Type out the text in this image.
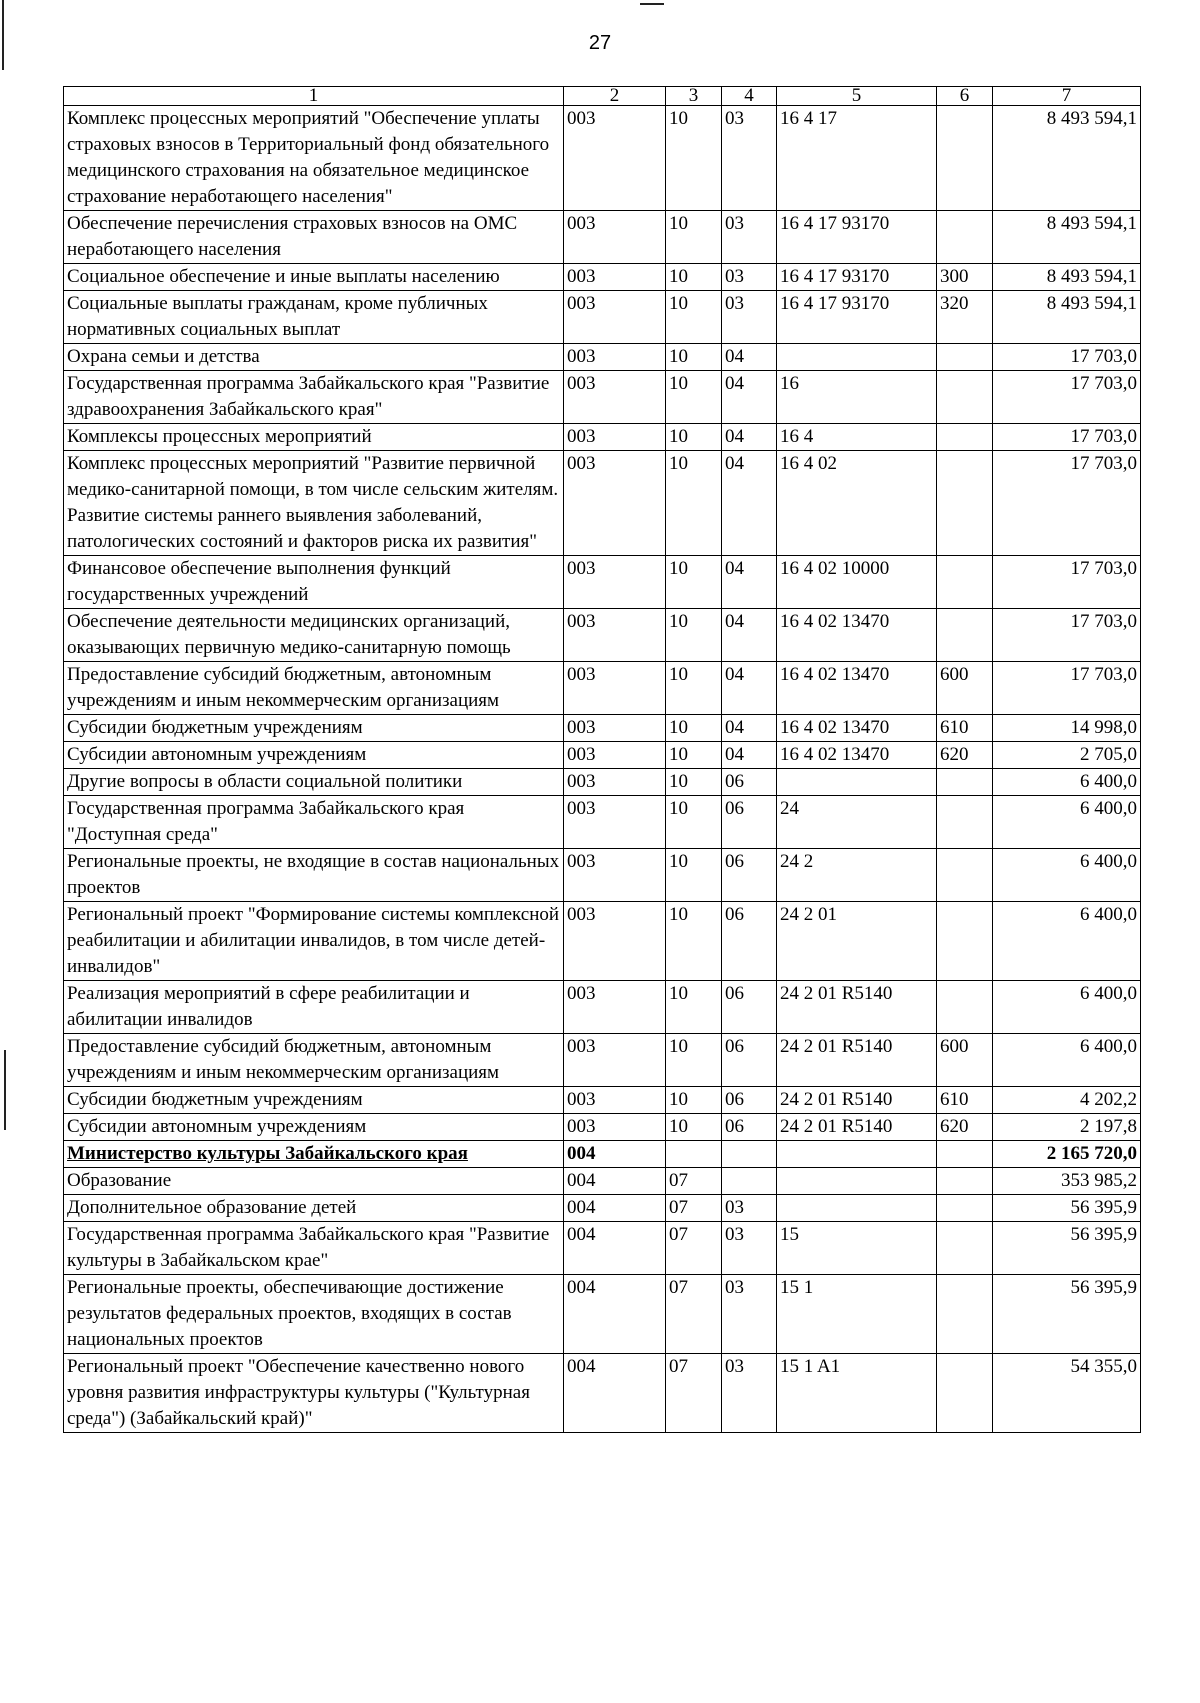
27
1	2	3	4	5	6	7
Комплекс процессных мероприятий "Обеспечение уплаты страховых взносов в Территориальный фонд обязательного медицинского страхования на обязательное медицинское страхование неработающего населения"	003	10	03	16 4 17		8 493 594,1
Обеспечение перечисления страховых взносов на ОМС неработающего населения	003	10	03	16 4 17 93170		8 493 594,1
Социальное обеспечение и иные выплаты населению	003	10	03	16 4 17 93170	300	8 493 594,1
Социальные выплаты гражданам, кроме публичных нормативных социальных выплат	003	10	03	16 4 17 93170	320	8 493 594,1
Охрана семьи и детства	003	10	04			17 703,0
Государственная программа Забайкальского края "Развитие здравоохранения Забайкальского края"	003	10	04	16		17 703,0
Комплексы процессных мероприятий	003	10	04	16 4		17 703,0
Комплекс процессных мероприятий "Развитие первичной медико-санитарной помощи, в том числе сельским жителям. Развитие системы раннего выявления заболеваний, патологических состояний и факторов риска их развития"	003	10	04	16 4 02		17 703,0
Финансовое обеспечение выполнения функций государственных учреждений	003	10	04	16 4 02 10000		17 703,0
Обеспечение деятельности медицинских организаций, оказывающих первичную медико-санитарную помощь	003	10	04	16 4 02 13470		17 703,0
Предоставление субсидий бюджетным, автономным учреждениям и иным некоммерческим организациям	003	10	04	16 4 02 13470	600	17 703,0
Субсидии бюджетным учреждениям	003	10	04	16 4 02 13470	610	14 998,0
Субсидии автономным учреждениям	003	10	04	16 4 02 13470	620	2 705,0
Другие вопросы в области социальной политики	003	10	06			6 400,0
Государственная программа Забайкальского края "Доступная среда"	003	10	06	24		6 400,0
Региональные проекты, не входящие в состав национальных проектов	003	10	06	24 2		6 400,0
Региональный проект "Формирование системы комплексной реабилитации и абилитации инвалидов, в том числе детей-инвалидов"	003	10	06	24 2 01		6 400,0
Реализация мероприятий в сфере реабилитации и абилитации инвалидов	003	10	06	24 2 01 R5140		6 400,0
Предоставление субсидий бюджетным, автономным учреждениям и иным некоммерческим организациям	003	10	06	24 2 01 R5140	600	6 400,0
Субсидии бюджетным учреждениям	003	10	06	24 2 01 R5140	610	4 202,2
Субсидии автономным учреждениям	003	10	06	24 2 01 R5140	620	2 197,8
Министерство культуры Забайкальского края	004					2 165 720,0
Образование	004	07				353 985,2
Дополнительное образование детей	004	07	03			56 395,9
Государственная программа Забайкальского края "Развитие культуры в Забайкальском крае"	004	07	03	15		56 395,9
Региональные проекты, обеспечивающие достижение результатов федеральных проектов, входящих в состав национальных проектов	004	07	03	15 1		56 395,9
Региональный проект "Обеспечение качественно нового уровня развития инфраструктуры культуры ("Культурная среда") (Забайкальский край)"	004	07	03	15 1 A1		54 355,0
